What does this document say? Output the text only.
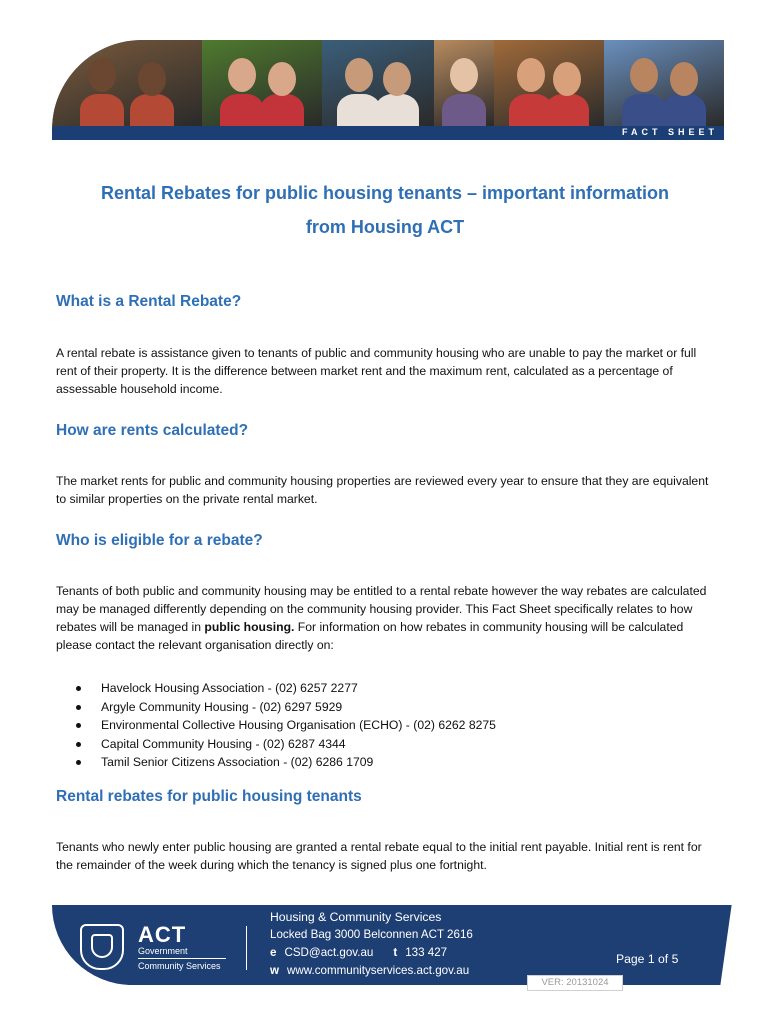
FACT SHEET
Rental Rebates for public housing tenants – important information
from Housing ACT
What is a Rental Rebate?

A rental rebate is assistance given to tenants of public and community housing who are unable to pay the market or full rent of their property. It is the difference between market rent and the maximum rent, calculated as a percentage of assessable household income.

How are rents calculated?

The market rents for public and community housing properties are reviewed every year to ensure that they are equivalent to similar properties on the private rental market.

Who is eligible for a rebate?

Tenants of both public and community housing may be entitled to a rental rebate however the way rebates are calculated may be managed differently depending on the community housing provider. This Fact Sheet specifically relates to how rebates will be managed in public housing. For information on how rebates in community housing will be calculated please contact the relevant organisation directly on:

Havelock Housing Association - (02) 6257 2277
Argyle Community Housing - (02) 6297 5929
Environmental Collective Housing Organisation (ECHO) - (02) 6262 8275
Capital Community Housing - (02) 6287 4344
Tamil Senior Citizens Association - (02) 6286 1709
Rental rebates for public housing tenants

Tenants who newly enter public housing are granted a rental rebate equal to the initial rent payable. Initial rent is rent for the remainder of the week during which the tenancy is signed plus one fortnight.

ACT
Government
Community Services
Housing & Community Services
Locked Bag 3000 Belconnen ACT 2616
e CSD@act.gov.au t 133 427
w www.communityservices.act.gov.au
Page 1 of 5
VER: 20131024
